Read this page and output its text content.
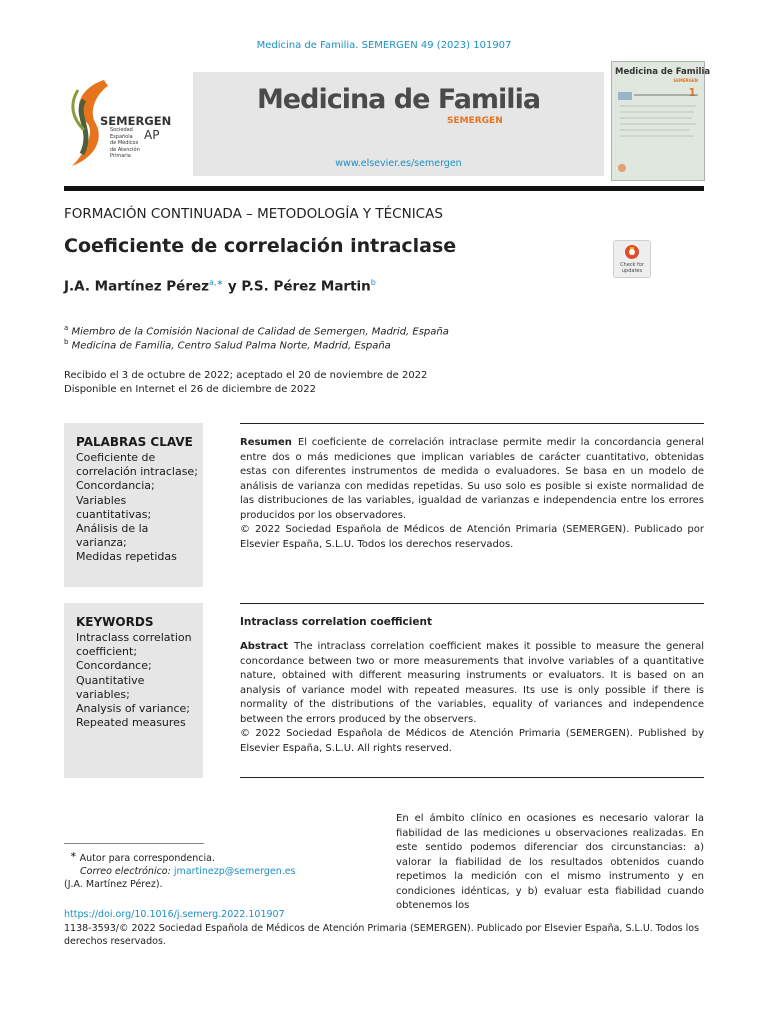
Medicina de Familia. SEMERGEN 49 (2023) 101907
SEMERGEN
AP
Sociedad
Española
de Médicos
de Atención
Primaria
Medicina de Familia
SEMERGEN
www.elsevier.es/semergen
Medicina de Familia
SEMERGEN
1
FORMACIÓN CONTINUADA – METODOLOGÍA Y TÉCNICAS
Coeficiente de correlación intraclase
Check for
updates
J.A. Martínez Pérez$^{a,∗}$ y P.S. Pérez Martin$^b$
$^a$ Miembro de la Comisión Nacional de Calidad de Semergen, Madrid, España
$^b$ Medicina de Familia, Centro Salud Palma Norte, Madrid, España
Recibido el 3 de octubre de 2022; aceptado el 20 de noviembre de 2022
Disponible en Internet el 26 de diciembre de 2022
PALABRAS CLAVE
Coeficiente de correlación intraclase;
Concordancia;
Variables cuantitativas;
Análisis de la varianza;
Medidas repetidas
Resumen El coeficiente de correlación intraclase permite medir la concordancia general entre dos o más mediciones que implican variables de carácter cuantitativo, obtenidas estas con diferentes instrumentos de medida o evaluadores. Se basa en un modelo de análisis de varianza con medidas repetidas. Su uso solo es posible si existe normalidad de las distribuciones de las variables, igualdad de varianzas e independencia entre los errores producidos por los observadores.
© 2022 Sociedad Española de Médicos de Atención Primaria (SEMERGEN). Publicado por Elsevier España, S.L.U. Todos los derechos reservados.
KEYWORDS
Intraclass correlation coefficient;
Concordance;
Quantitative variables;
Analysis of variance;
Repeated measures
Intraclass correlation coefficient
Abstract The intraclass correlation coefficient makes it possible to measure the general concordance between two or more measurements that involve variables of a quantitative nature, obtained with different measuring instruments or evaluators. It is based on an analysis of variance model with repeated measures. Its use is only possible if there is normality of the distributions of the variables, equality of variances and independence between the errors produced by the observers.
© 2022 Sociedad Española de Médicos de Atención Primaria (SEMERGEN). Published by Elsevier España, S.L.U. All rights reserved.
En el ámbito clínico en ocasiones es necesario valorar la fiabilidad de las mediciones u observaciones realizadas. En este sentido podemos diferenciar dos circunstancias: a) valorar la fiabilidad de los resultados obtenidos cuando repetimos la medición con el mismo instrumento y en condiciones idénticas, y b) evaluar esta fiabilidad cuando obtenemos los
∗ Autor para correspondencia.
Correo electrónico: jmartinezp@semergen.es
(J.A. Martínez Pérez).
https://doi.org/10.1016/j.semerg.2022.101907
1138-3593/© 2022 Sociedad Española de Médicos de Atención Primaria (SEMERGEN). Publicado por Elsevier España, S.L.U. Todos los derechos reservados.
